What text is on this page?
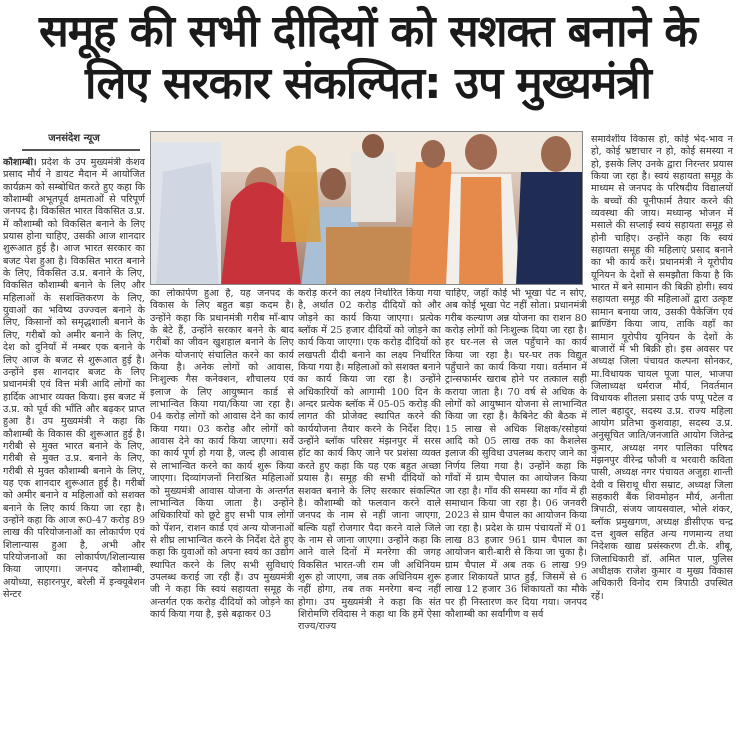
समूह की सभी दीदियों को सशक्त बनाने के
लिए सरकार संकल्पित: उप मुख्यमंत्री
जनसंदेश न्यूज

कौशाम्बी। प्रदेश के उप मुख्यमंत्री केशव प्रसाद मौर्य ने डायट मैदान में आयोजित कार्यक्रम को सम्बोधित करते हुए कहा कि कौशाम्बी अभूतपूर्व क्षमताओं से परिपूर्ण जनपद है। विकसित भारत विकसित उ.प्र. में कौशाम्बी को विकसित बनाने के लिए प्रयास होना चाहिए, उसकी आज शानदार शुरूआत हुई है। आज भारत सरकार का बजट पेश हुआ है। विकसित भारत बनाने के लिए, विकसित उ.प्र. बनाने के लिए, विकसित कौशाम्बी बनाने के लिए और महिलाओं के सशक्तिकरण के लिए, युवाओं का भविष्य उज्ज्वल बनाने के लिए, किसानों को समृद्धशाली बनाने के लिए, गरीबों को अमीर बनाने के लिए, देश को दुनियाँ में नम्बर एक बनाने के लिए आज के बजट से शुरूआत हुई है। उन्होंने इस शानदार बजट के लिए प्रधानमंत्री एवं वित्त मंत्री आदि लोगों का हार्दिक आभार व्यक्त किया। इस बजट में उ.प्र. को पूर्व की भाँति और बढ़कर प्राप्त हुआ है। उप मुख्यमंत्री ने कहा कि कौशाम्बी के विकास की शुरूआत हुई है। गरीबी से मुक्त भारत बनाने के लिए, गरीबी से मुक्त उ.प्र. बनाने के लिए, गरीबी से मुक्त कौशाम्बी बनाने के लिए, यह एक शानदार शुरूआत हुई है। गरीबों को अमीर बनाने व महिलाओं को सशक्त बनाने के लिए कार्य किया जा रहा है। उन्होंने कहा कि आज रू0-47 करोड़ 89 लाख की परियोजनाओं का लोकार्पण एवं शिलान्यास हुआ है, अभी और परियोजनाओं का लोकार्पण/शिलान्यास किया जाएगा। जनपद कौशाम्बी, अयोध्या, सहारनपुर, बरेली में इन्क्यूबेशन सेन्टर

का लोकार्पण हुआ है, यह जनपद के विकास के लिए बहुत बड़ा कदम है। उन्होंने कहा कि प्रधानमंत्री गरीब माँ-बाप के बेटे हैं, उन्होंने सरकार बनने के बाद गरीबों का जीवन खुशहाल बनाने के लिए अनेक योजनाएं संचालित करने का कार्य किया है। अनेक लोगों को आवास, निःशुल्क गैस कनेक्शन, शौचालय एवं इलाज के लिए आयुष्मान कार्ड से लाभान्वित किया गया/किया जा रहा है। 04 करोड़ लोगों को आवास देने का कार्य किया गया। 03 करोड़ और लोगों को आवास देने का कार्य किया जाएगा। सर्वे का कार्य पूर्ण हो गया है, जल्द ही आवास से लाभान्वित करने का कार्य शुरू किया जाएगा। दिव्यांगजनों निराश्रित महिलाओं को मुख्यमंत्री आवास योजना के अन्तर्गत लाभान्वित किया जाता है। उन्होंने अधिकारियों को छूटे हुए सभी पात्र लोगों को पेंशन, राशन कार्ड एवं अन्य योजनाओं से शीघ्र लाभान्वित करने के निर्देश देते हुए कहा कि युवाओं को अपना स्वयं का उद्योग स्थापित करने के लिए सभी सुविधाएं उपलब्ध कराई जा रही हैं। उप मुख्यमंत्री जी ने कहा कि स्वयं सहायता समूह के अन्तर्गत एक करोड़ दीदियों को जोड़ने का कार्य किया गया है, इसे बढ़ाकर 03

करोड़ करने का लक्ष्य निर्धारित किया गया है, अर्थात 02 करोड़ दीदियों को और जोड़ने का कार्य किया जाएगा। प्रत्येक ब्लॉक में 25 हजार दीदियों को जोड़ने का कार्य किया जाएगा। एक करोड़ दीदियों को लखपती दीदी बनाने का लक्ष्य निर्धारित किया गया है। महिलाओं को सशक्त बनाने का कार्य किया जा रहा है। उन्होंने अधिकारियों को आगामी 100 दिन के अन्दर प्रत्येक ब्लॉक में 05-05 करोड़ की लागत की प्रोजेक्ट स्थापित करने की कार्ययोजना तैयार करने के निर्देश दिए। उन्होंने ब्लॉक परिसर मंझनपुर में सरस हॉट का कार्य किए जाने पर प्रशंसा व्यक्त करते हुए कहा कि यह एक बहुत अच्छा प्रयास है। समूह की सभी दीदियों को सशक्त बनाने के लिए सरकार संकल्पित है। कौशाम्बी को फलवान करने वाले जनपद के नाम से नहीं जाना जाएगा, बल्कि यहाँ रोजगार पैदा करने वाले जिले के नाम से जाना जाएगा। उन्होंने कहा कि आने वाले दिनों में मनरेगा की जगह विकसित भारत-जी राम जी अधिनियम शुरू हो जाएगा, जब तक अधिनियम शुरू नहीं होगा, तब तक मनरेगा बन्द नहीं होगा। उप मुख्यमंत्री ने कहा कि संत शिरोमणि रविदास ने कहा था कि हमें ऐसा राज्य/राज्य

चाहिए, जहाँ कोई भी भूखा पेट न सोए, अब कोई भूखा पेट नहीं सोता। प्रधानमंत्री गरीब कल्याण अन्न योजना का राशन 80 करोड़ लोगों को निःशुल्क दिया जा रहा है। हर घर-नल से जल पहुँचाने का कार्य किया जा रहा है। घर-घर तक विद्युत पहुँचाने का कार्य किया गया। वर्तमान में ट्रान्सफार्मर खराब होने पर तत्काल सही कराया जाता है। 70 वर्ष से अधिक के लोगों को आयुष्मान योजना से लाभान्वित किया जा रहा है। कैबिनेट की बैठक में 15 लाख से अधिक शिक्षक/रसोइयां आदि को 05 लाख तक का कैशलेस इलाज की सुविधा उपलब्ध कराए जाने का निर्णय लिया गया है। उन्होंने कहा कि गाँवों में ग्राम चैपाल का आयोजन किया जा रहा है। गाँव की समस्या का गाँव में ही समाधान किया जा रहा है। 06 जनवरी 2023 से ग्राम चैपाल का आयोजन किया जा रहा है। प्रदेश के ग्राम पंचायतों में 01 लाख 83 हजार 961 ग्राम चैपाल का आयोजन बारी-बारी से किया जा चुका है। ग्राम चैपाल में अब तक 6 लाख 99 हजार शिकायतें प्राप्त हुईं, जिसमें से 6 लाख 12 हजार 36 शिकायतों का मौके पर ही निस्तारण कर दिया गया। जनपद कौशाम्बी का सर्वांगीण व सर्व

समावेशीय विकास हो, कोई भेद-भाव न हो, कोई भ्रष्टाचार न हो, कोई समस्या न हो, इसके लिए उनके द्वारा निरन्तर प्रयास किया जा रहा है। स्वयं सहायता समूह के माध्यम से जनपद के परिषदीय विद्यालयों के बच्चों की यूनीफार्म तैयार करने की व्यवस्था की जाय। मध्यान्ह भोजन में मसाले की सप्लाई स्वयं सहायता समूह से होनी चाहिए। उन्होंने कहा कि स्वयं सहायता समूह की महिलाएं प्रसाद बनाने का भी कार्य करें। प्रधानमंत्री ने यूरोपीय यूनियन के देशों से समझौता किया है कि भारत में बने सामान की बिक्री होगी। स्वयं सहायता समूह की महिलाओं द्वारा उत्कृष्ट सामान बनाया जाय, उसकी पैकेजिंग एवं ब्राण्डिंग किया जाय, ताकि वहाँ का सामान यूरोपीय यूनियन के देशों के बाजारों में भी बिक्री हो। इस अवसर पर अध्यक्ष जिला पंचायत कल्पना सोनकर, मा.विधायक चायल पूजा पाल, भाजपा जिलाध्यक्ष धर्मराज मौर्य, निवर्तमान विधायक शीतला प्रसाद उर्फ पप्पू पटेल व लाल बहादुर, सदस्य उ.प्र. राज्य महिला आयोग प्रतिभा कुशवाहा, सदस्य उ.प्र. अनुसूचित जाति/जनजाति आयोग जितेन्द्र कुमार, अध्यक्ष नगर पालिका परिषद मंझनपुर वीरेन्द्र फौजी व भरवारी कविता पासी, अध्यक्ष नगर पंचायत अजुहा शान्ती देवी व सिराथू धीरा सम्राट, अध्यक्ष जिला सहकारी बैंक शिवमोहन मौर्य, अनीता त्रिपाठी, संजय जायसवाल, भोले शंकर, ब्लॉक प्रमुखगण, अध्यक्ष डीसीएफ चन्द्र दत्त शुक्ल सहित अन्य गणमान्य तथा निदेशक खाद्य प्रसंस्करण टी.के. शीबू, जिलाधिकारी डॉ. अमित पाल, पुलिस अधीक्षक राजेश कुमार व मुख्य विकास अधिकारी विनोद राम त्रिपाठी उपस्थित रहें।
